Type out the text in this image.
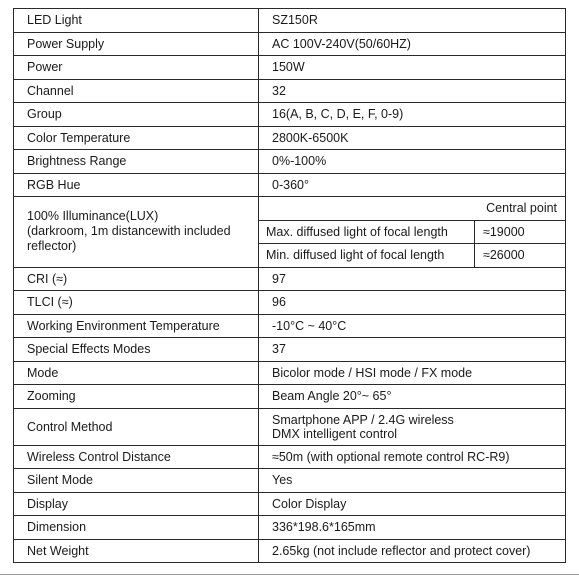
LED Light	SZ150R	
Power Supply	AC 100V-240V(50/60HZ)	
Power	150W	
Channel	32	
Group	16(A, B, C, D, E, F, 0-9)	
Color Temperature	2800K-6500K	
Brightness Range	0%-100%	
RGB Hue	0-360°	
100% Illuminance(LUX)
(darkroom, 1m distancewith included reflector)	Central point	
	Max. diffused light of focal length	≈19000
	Min. diffused light of focal length	≈26000
CRI (≈)	97	
TLCI (≈)	96	
Working Environment Temperature	-10°C ~ 40°C	
Special Effects Modes	37	
Mode	Bicolor mode / HSI mode / FX mode	
Zooming	Beam Angle 20°~ 65°	
Control Method	Smartphone APP / 2.4G wireless
DMX intelligent control	

Wireless Control Distance	≈50m (with optional remote control RC-R9)	
Silent Mode	Yes	
Display	Color Display	
Dimension	336*198.6*165mm	
Net Weight	2.65kg (not include reflector and protect cover)	
